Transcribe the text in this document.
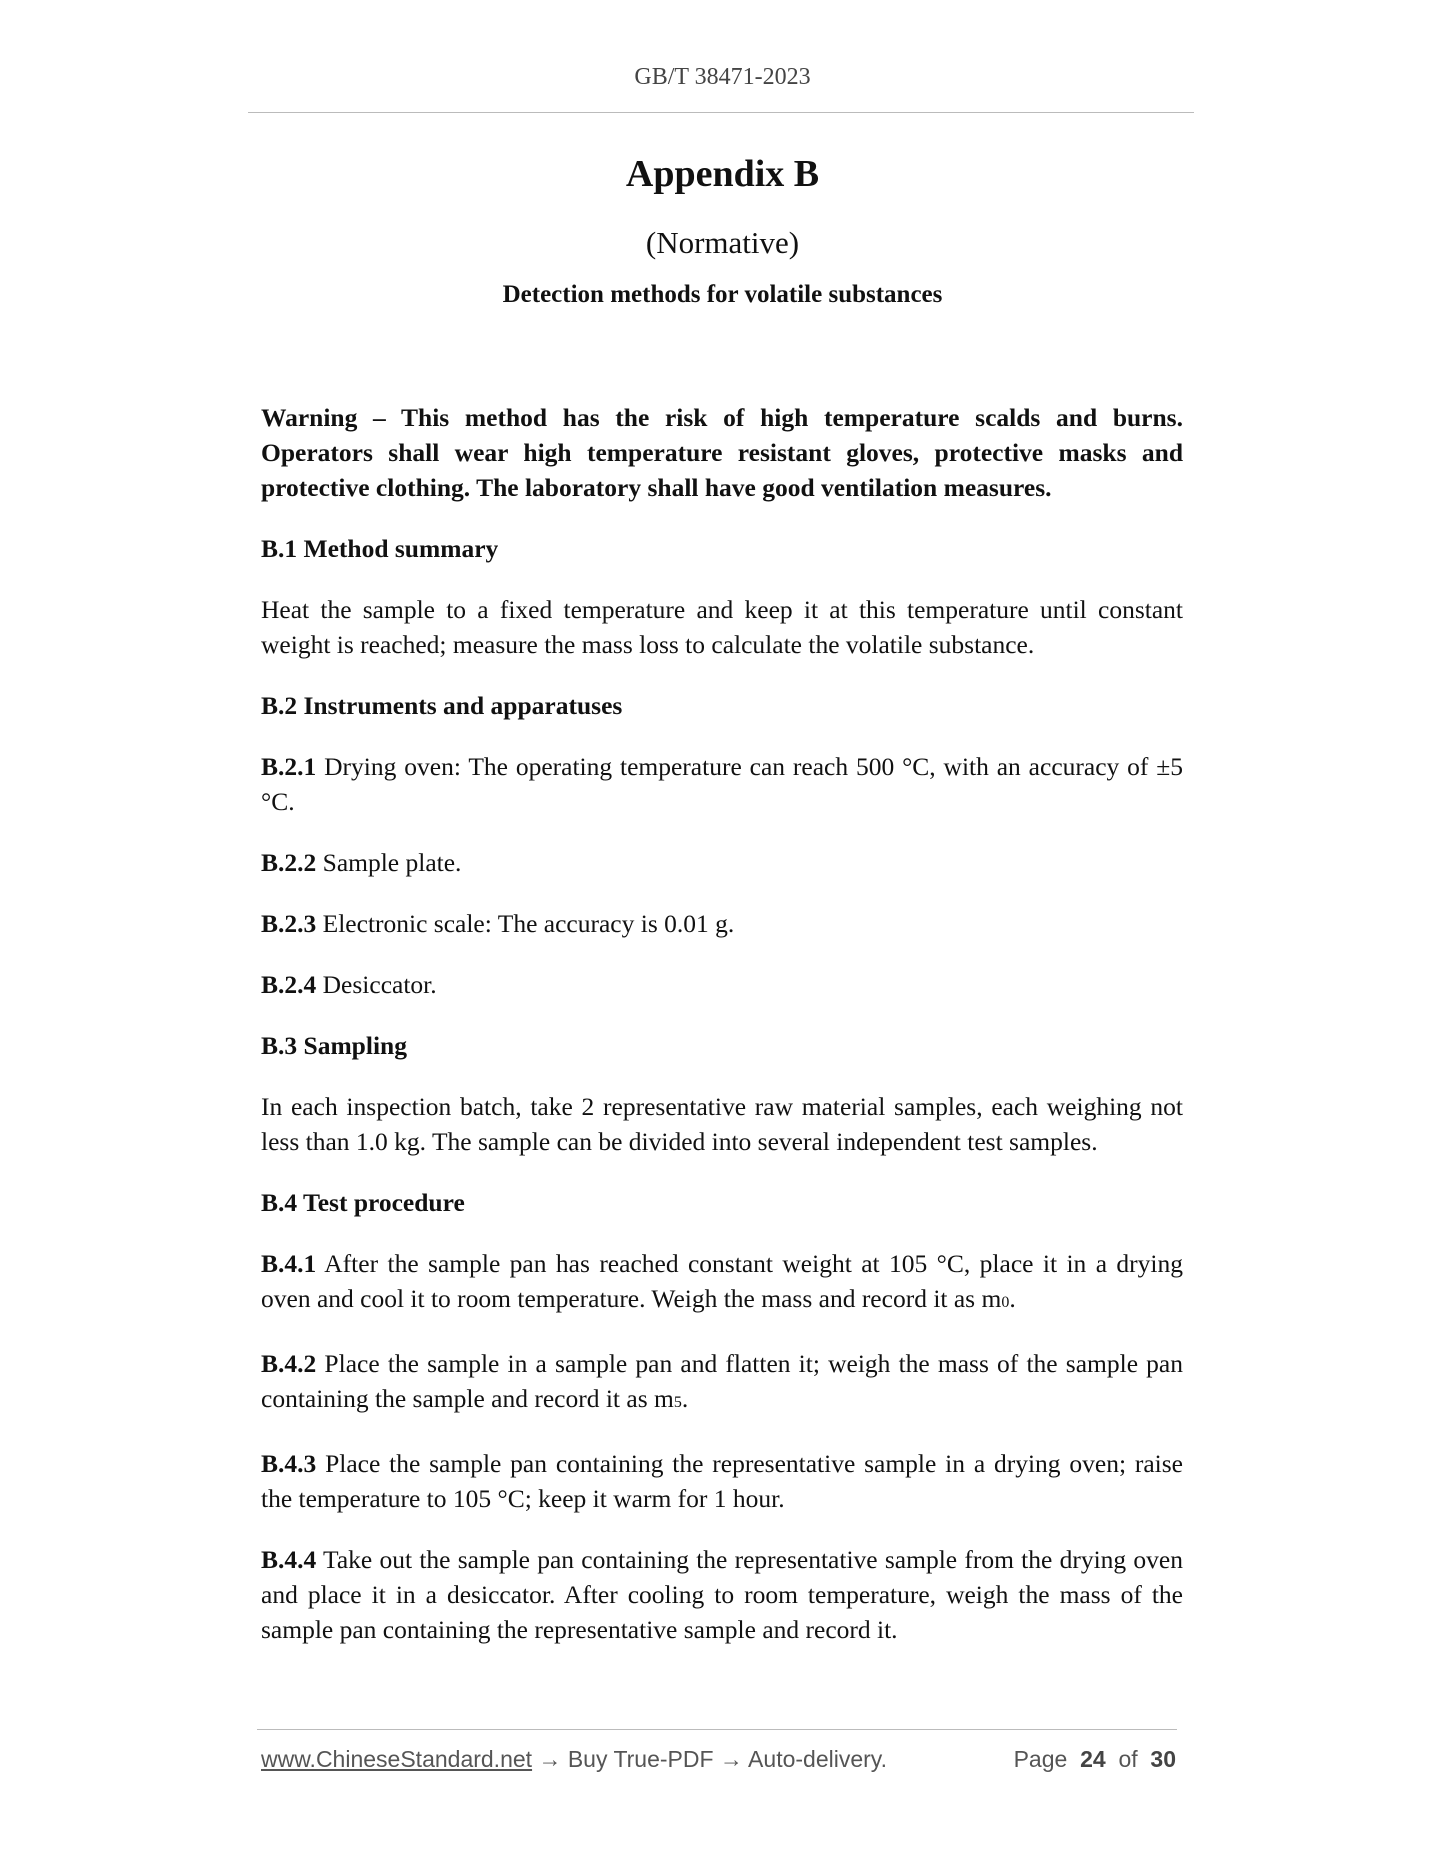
GB/T 38471-2023
Appendix B
(Normative)
Detection methods for volatile substances

Warning – This method has the risk of high temperature scalds and burns. Operators shall wear high temperature resistant gloves, protective masks and protective clothing. The laboratory shall have good ventilation measures.

B.1 Method summary

Heat the sample to a fixed temperature and keep it at this temperature until constant weight is reached; measure the mass loss to calculate the volatile substance.

B.2 Instruments and apparatuses

B.2.1 Drying oven: The operating temperature can reach 500 °C, with an accuracy of ±5 °C.

B.2.2 Sample plate.

B.2.3 Electronic scale: The accuracy is 0.01 g.

B.2.4 Desiccator.

B.3 Sampling

In each inspection batch, take 2 representative raw material samples, each weighing not less than 1.0 kg. The sample can be divided into several independent test samples.

B.4 Test procedure

B.4.1 After the sample pan has reached constant weight at 105 °C, place it in a drying oven and cool it to room temperature. Weigh the mass and record it as m0.

B.4.2 Place the sample in a sample pan and flatten it; weigh the mass of the sample pan containing the sample and record it as m5.

B.4.3 Place the sample pan containing the representative sample in a drying oven; raise the temperature to 105 °C; keep it warm for 1 hour.

B.4.4 Take out the sample pan containing the representative sample from the drying oven and place it in a desiccator. After cooling to room temperature, weigh the mass of the sample pan containing the representative sample and record it.

www.ChineseStandard.net → Buy True-PDF → Auto-delivery.	Page 24 of 30
